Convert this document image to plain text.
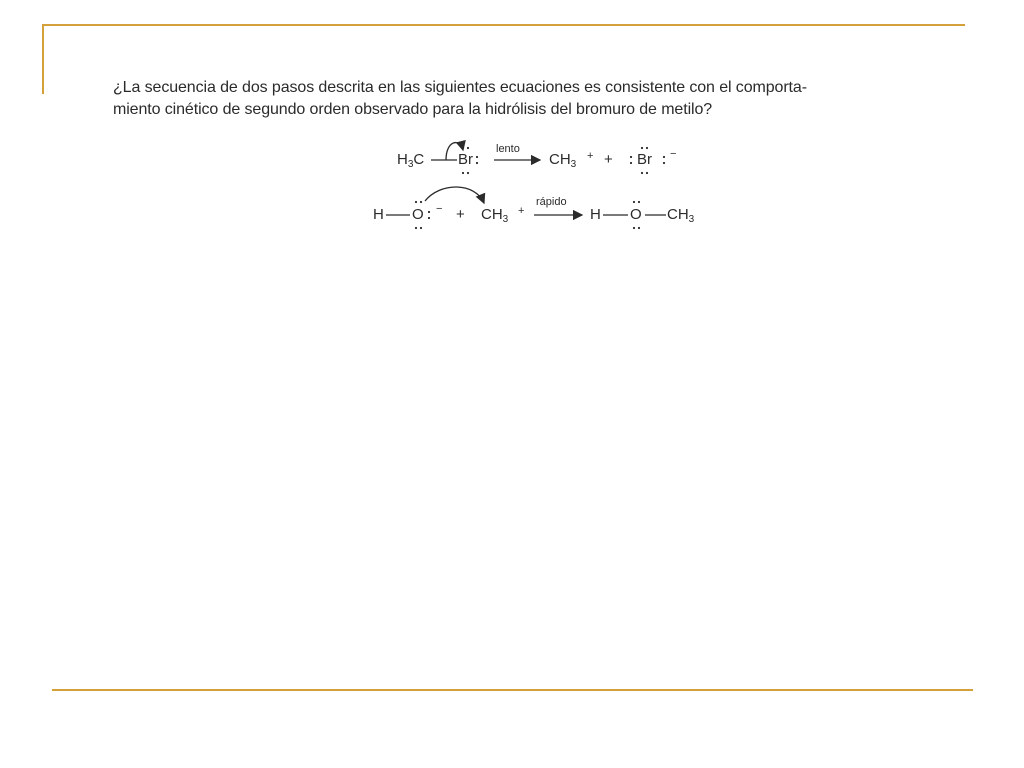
¿La secuencia de dos pasos descrita en las siguientes ecuaciones es consistente con el comporta-
miento cinético de segundo orden observado para la hidrólisis del bromuro de metilo?
$H_3C$ Br
lento
$CH_3$
+ + Br −
H O − + $CH_3$
+
rápido
H O $CH_3$
